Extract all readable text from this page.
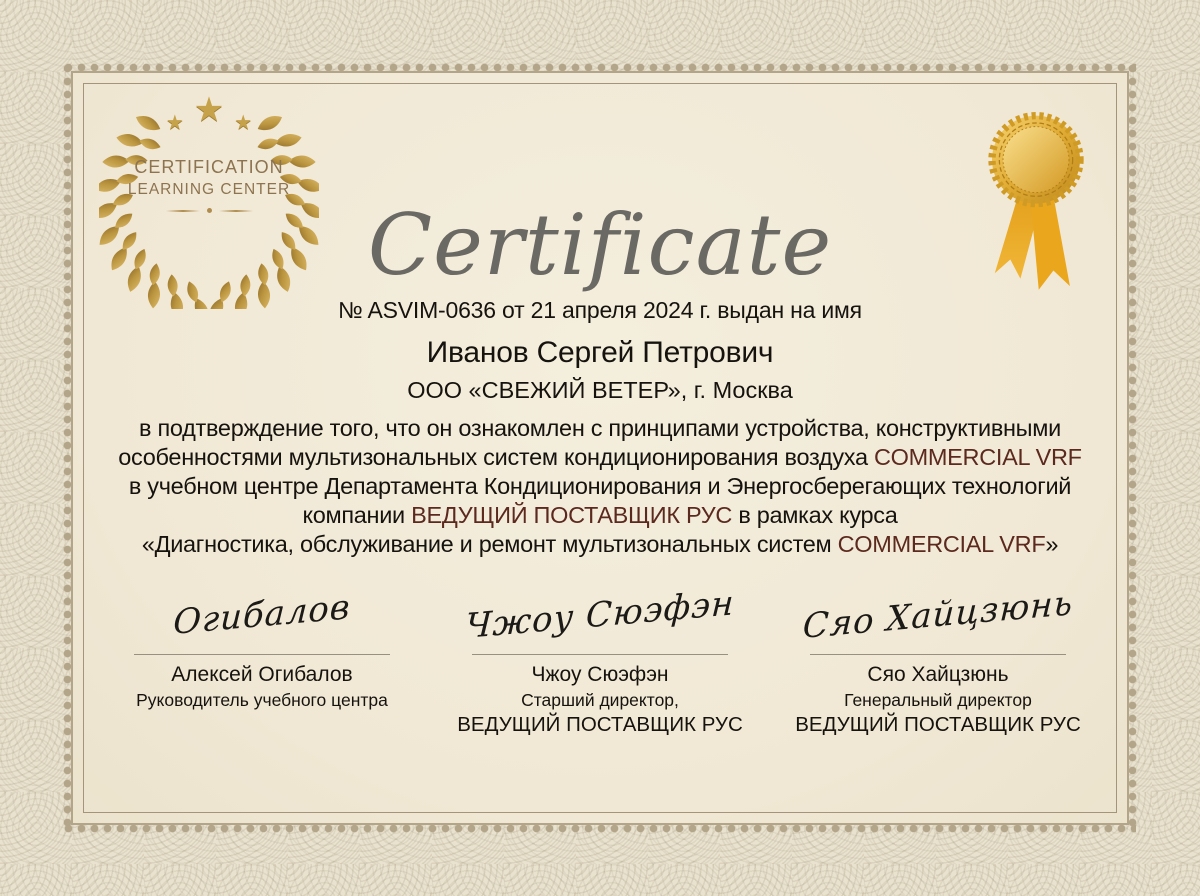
★ ★ ★
CERTIFICATION
LEARNING CENTER
Certificate
№ ASVIM-0636 от 21 апреля 2024 г. выдан на имя
Иванов Сергей Петрович
ООО «СВЕЖИЙ ВЕТЕР», г. Москва
в подтверждение того, что он ознакомлен с принципами устройства, конструктивными
особенностями мультизональных систем кондиционирования воздуха COMMERCIAL VRF
в учебном центре Департамента Кондиционирования и Энергосберегающих технологий
компании ВЕДУЩИЙ ПОСТАВЩИК РУС в рамках курса
«Диагностика, обслуживание и ремонт мультизональных систем COMMERCIAL VRF»
Огибалов
Алексей Огибалов
Руководитель учебного центра
Чжоу Сюэфэн
Чжоу Сюэфэн
Старший директор,
ВЕДУЩИЙ ПОСТАВЩИК РУС
Сяо Хайцзюнь
Сяо Хайцзюнь
Генеральный директор
ВЕДУЩИЙ ПОСТАВЩИК РУС
